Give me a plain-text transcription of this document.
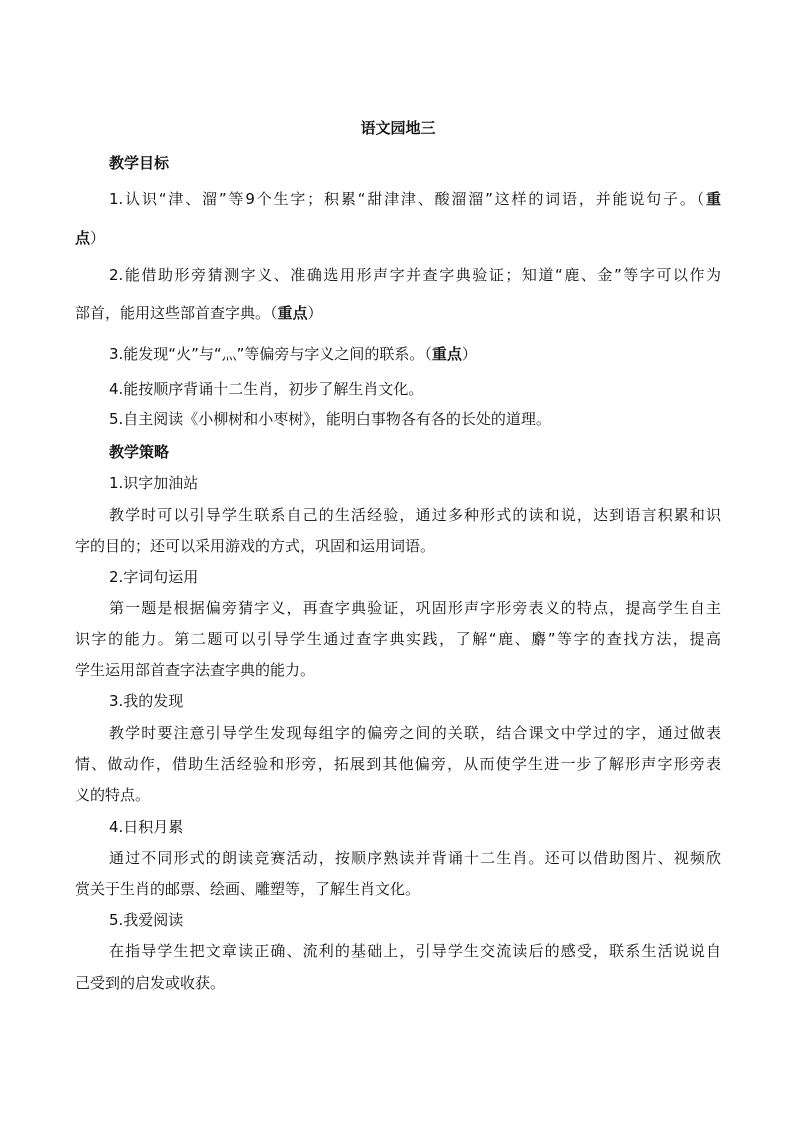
语文园地三
教学目标
1.认识“津、溜”等9个生字；积累“甜津津、酸溜溜”这样的词语，并能说句子。（重
点）
2.能借助形旁猜测字义、准确选用形声字并查字典验证；知道“鹿、金”等字可以作为
部首，能用这些部首查字典。（重点）
3.能发现“火”与“灬”等偏旁与字义之间的联系。（重点）
4.能按顺序背诵十二生肖，初步了解生肖文化。
5.自主阅读《小柳树和小枣树》，能明白事物各有各的长处的道理。
教学策略
1.识字加油站
教学时可以引导学生联系自己的生活经验，通过多种形式的读和说，达到语言积累和识
字的目的；还可以采用游戏的方式，巩固和运用词语。
2.字词句运用
第一题是根据偏旁猜字义，再查字典验证，巩固形声字形旁表义的特点，提高学生自主
识字的能力。第二题可以引导学生通过查字典实践，了解“鹿、麝”等字的查找方法，提高
学生运用部首查字法查字典的能力。
3.我的发现
教学时要注意引导学生发现每组字的偏旁之间的关联，结合课文中学过的字，通过做表
情、做动作，借助生活经验和形旁，拓展到其他偏旁，从而使学生进一步了解形声字形旁表
义的特点。
4.日积月累
通过不同形式的朗读竞赛活动，按顺序熟读并背诵十二生肖。还可以借助图片、视频欣
赏关于生肖的邮票、绘画、雕塑等，了解生肖文化。
5.我爱阅读
在指导学生把文章读正确、流利的基础上，引导学生交流读后的感受，联系生活说说自
己受到的启发或收获。
